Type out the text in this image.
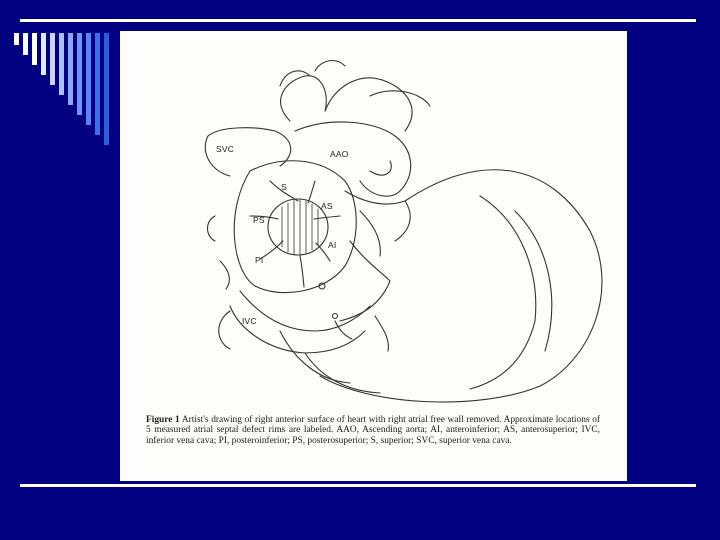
SVC	AAO
S
AS
PS
AI
PI
IVC
Figure 1 Artist's drawing of right anterior surface of heart with right atrial free wall removed. Approximate locations of 5 measured atrial septal defect rims are labeled. AAO, Ascending aorta; AI, anteroinferior; AS, anterosuperior; IVC, inferior vena cava; PI, posteroinferior; PS, posterosuperior; S, superior; SVC, superior vena cava.
